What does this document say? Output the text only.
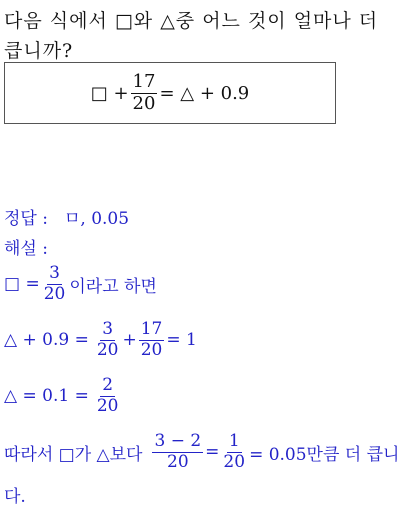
다음 식에서 □와 △중 어느 것이 얼마나 더 큽니까?
□ + $\frac{17}{20}$ = △ + 0.9
정답 : ㅁ, 0.05
해설 :
□ = $\frac{3}{20}$ 이라고 하면
△ + $0.9 = \frac{3}{20} + \frac{17}{20} = 1$
△ = $0.1 = \frac{2}{20}$
따라서 □가 △보다 $\frac{3 - 2}{20} = \frac{1}{20} = 0.05$만큼 더 큽니
다.
